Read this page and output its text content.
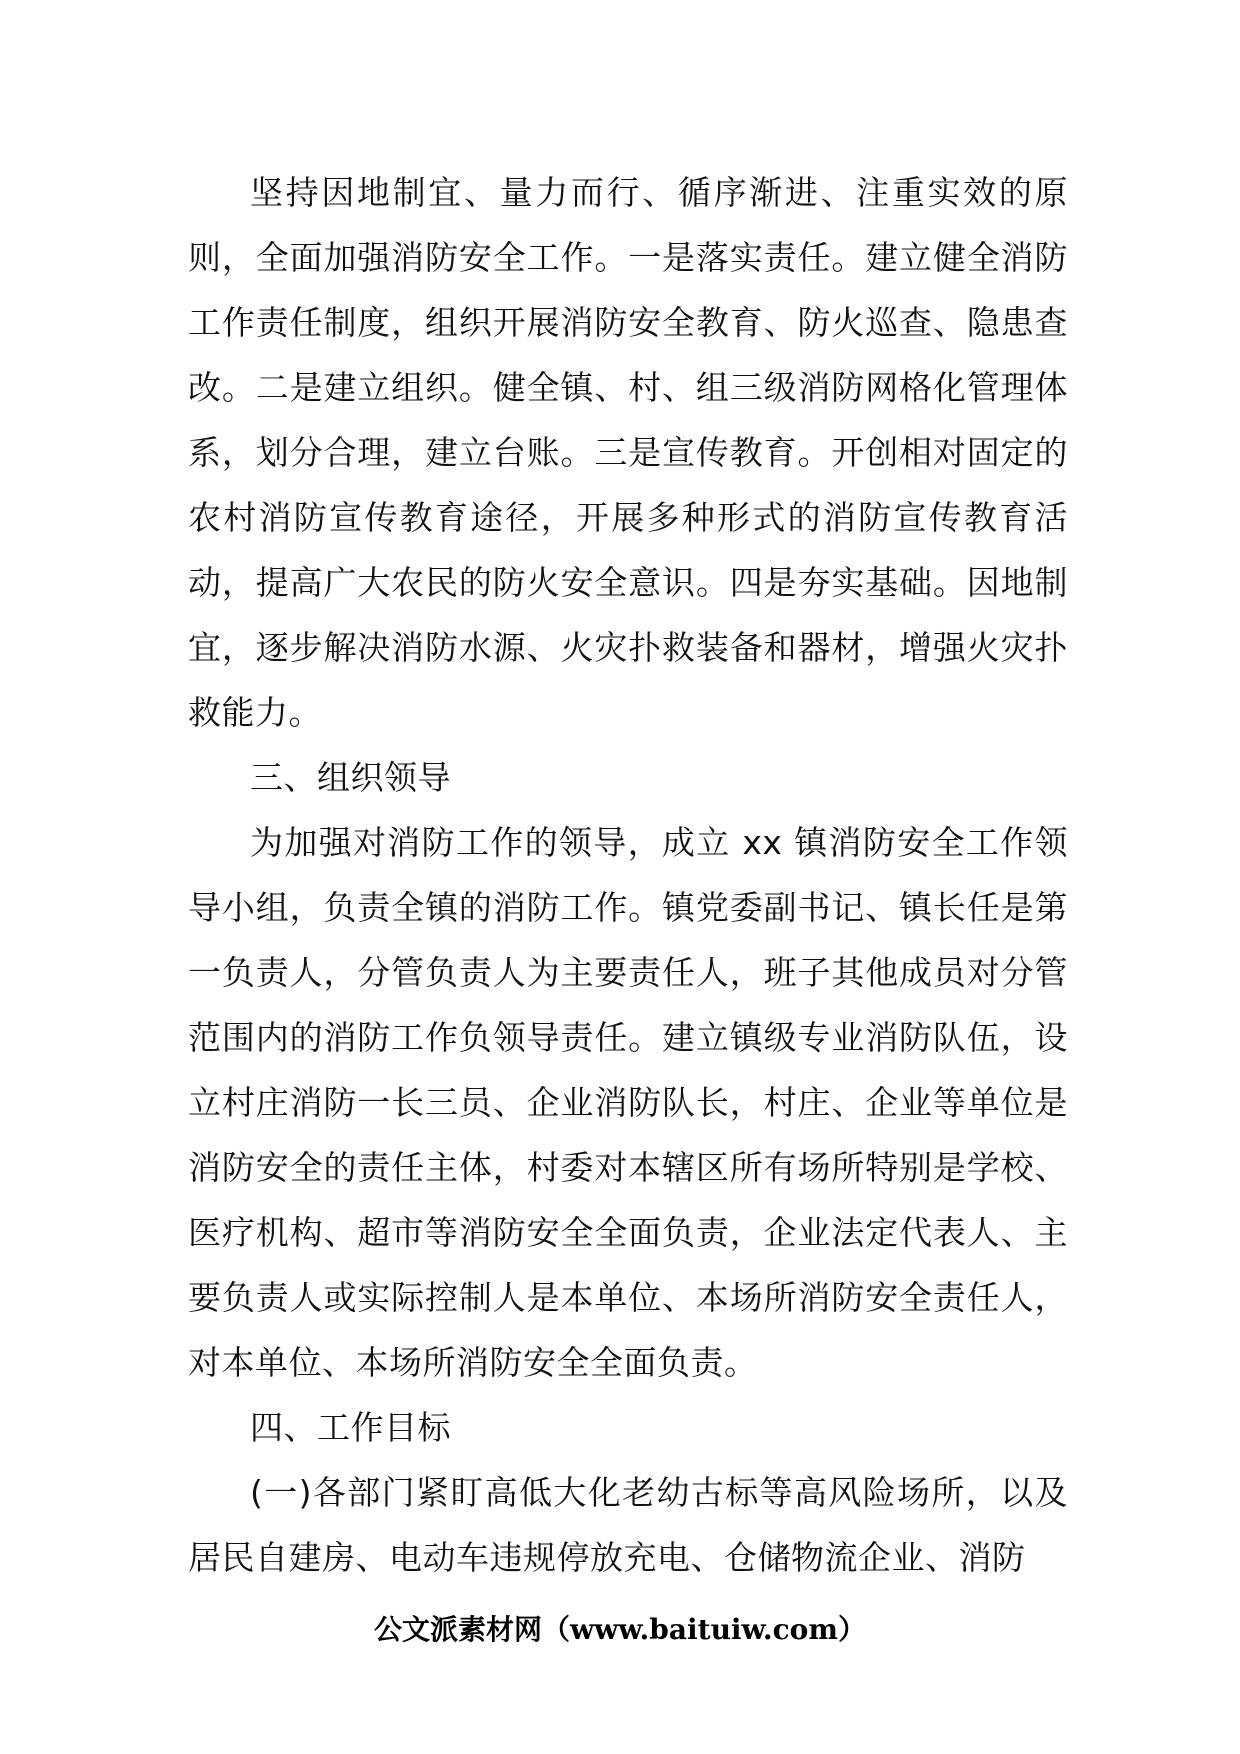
坚持因地制宜、量力而行、循序渐进、注重实效的原则，全面加强消防安全工作。一是落实责任。建立健全消防工作责任制度，组织开展消防安全教育、防火巡查、隐患查改。二是建立组织。健全镇、村、组三级消防网格化管理体系，划分合理，建立台账。三是宣传教育。开创相对固定的农村消防宣传教育途径，开展多种形式的消防宣传教育活动，提高广大农民的防火安全意识。四是夯实基础。因地制宜，逐步解决消防水源、火灾扑救装备和器材，增强火灾扑救能力。

三、组织领导

为加强对消防工作的领导，成立 xx 镇消防安全工作领导小组，负责全镇的消防工作。镇党委副书记、镇长任是第一负责人，分管负责人为主要责任人，班子其他成员对分管范围内的消防工作负领导责任。建立镇级专业消防队伍，设立村庄消防一长三员、企业消防队长，村庄、企业等单位是消防安全的责任主体，村委对本辖区所有场所特别是学校、医疗机构、超市等消防安全全面负责，企业法定代表人、主要负责人或实际控制人是本单位、本场所消防安全责任人，对本单位、本场所消防安全全面负责。

四、工作目标

(一)各部门紧盯高低大化老幼古标等高风险场所，以及居民自建房、电动车违规停放充电、仓储物流企业、消防

公文派素材网（www.baituiw.com）
